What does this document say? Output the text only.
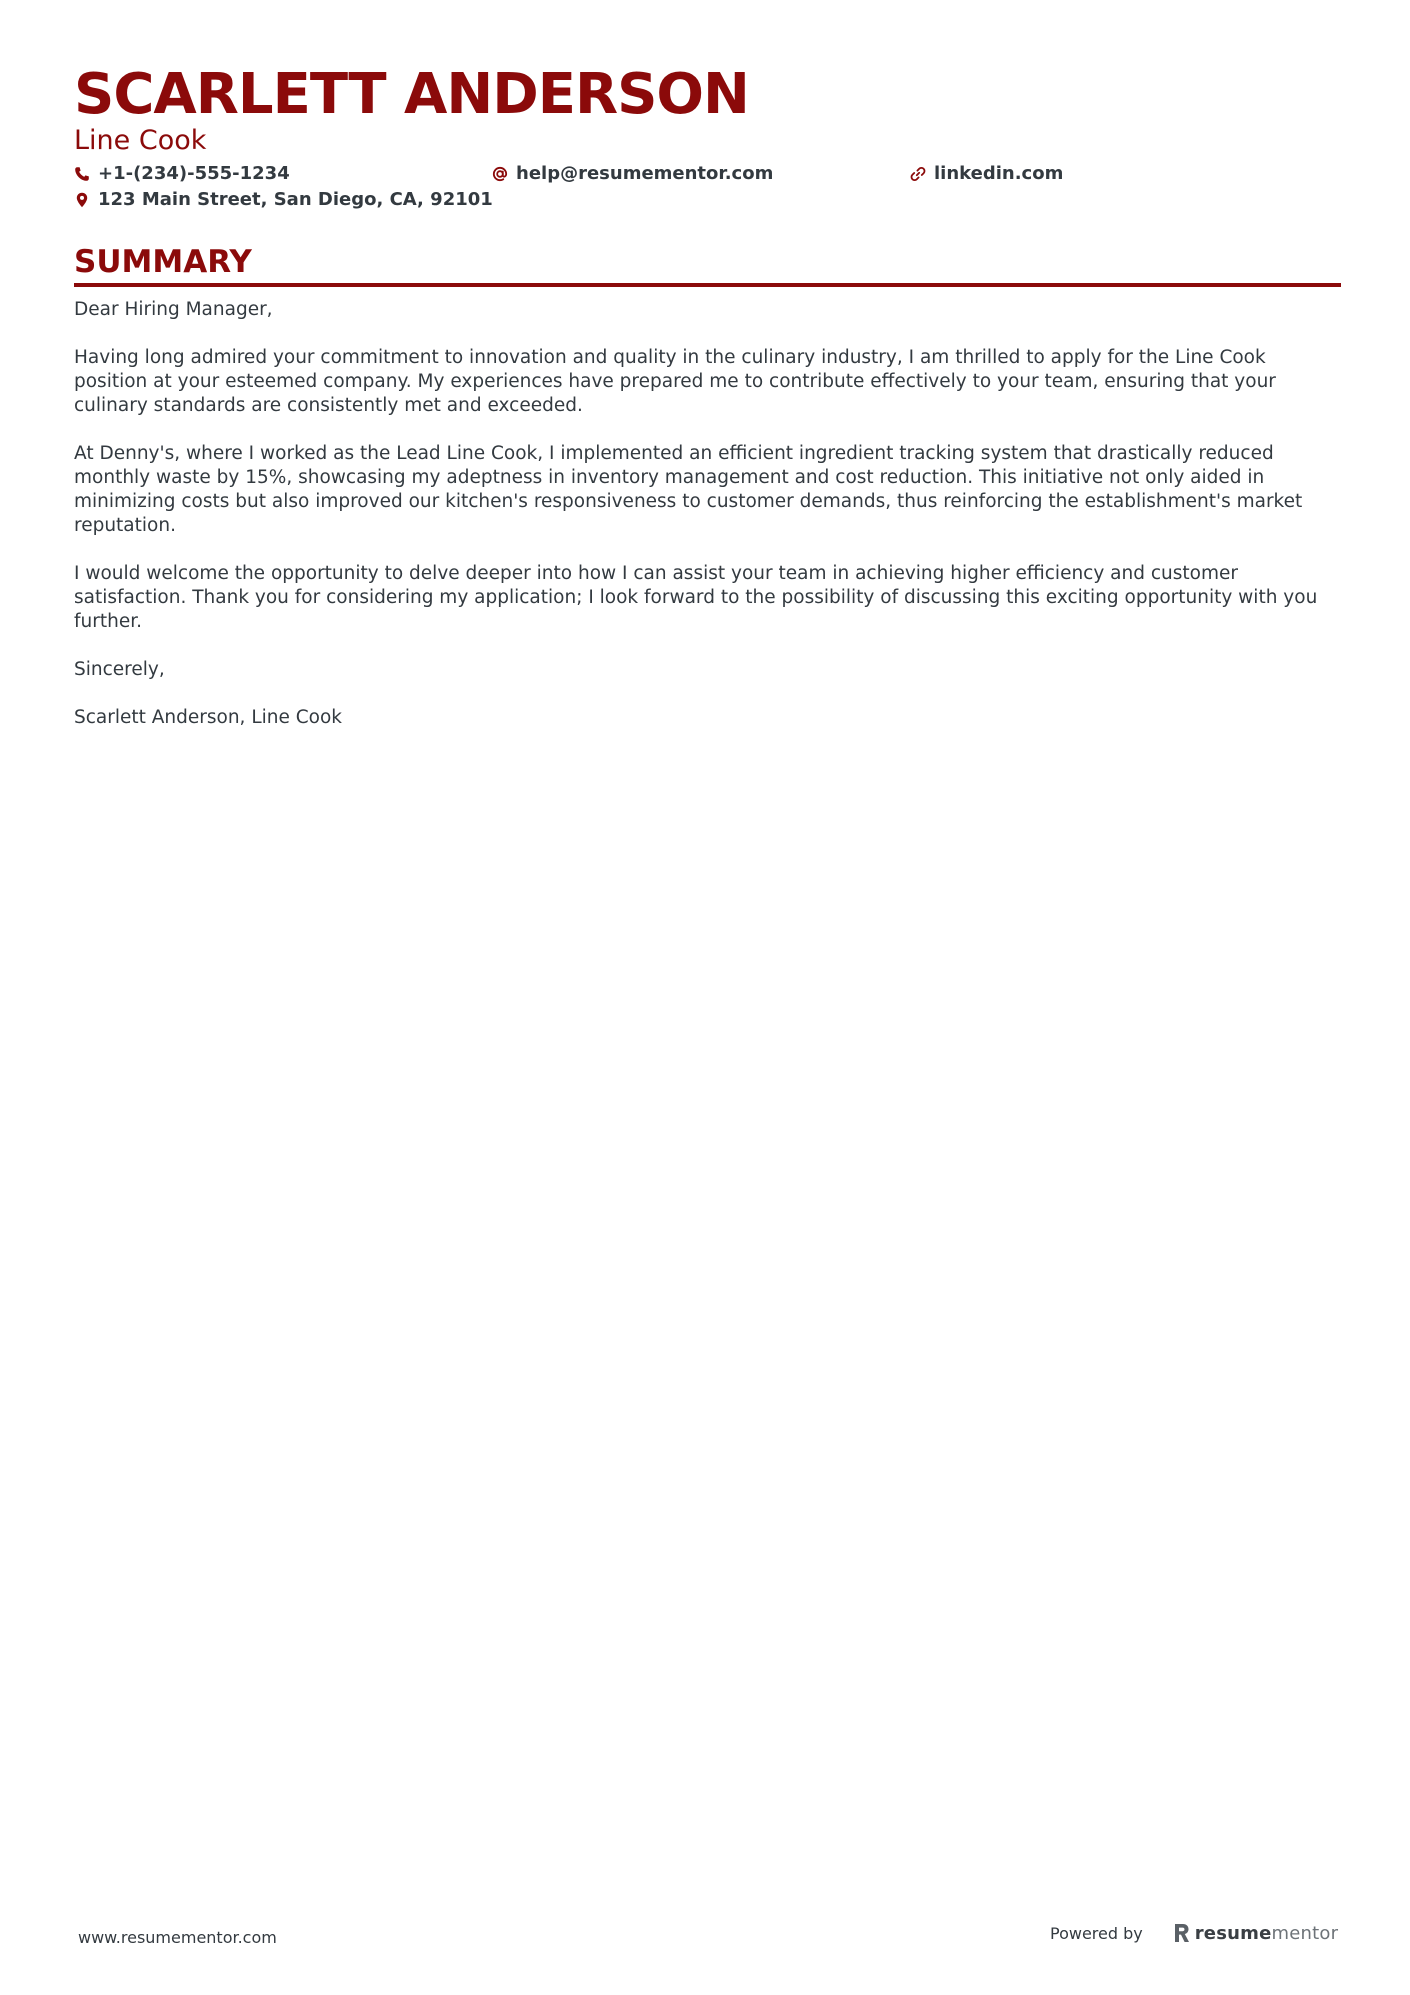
SCARLETT ANDERSON
Line Cook
+1-(234)-555-1234	help@resumementor.com	linkedin.com
123 Main Street, San Diego, CA, 92101
SUMMARY

Dear Hiring Manager,

Having long admired your commitment to innovation and quality in the culinary industry, I am thrilled to apply for the Line Cook position at your esteemed company. My experiences have prepared me to contribute effectively to your team, ensuring that your culinary standards are consistently met and exceeded.

At Denny's, where I worked as the Lead Line Cook, I implemented an efficient ingredient tracking system that drastically reduced monthly waste by 15%, showcasing my adeptness in inventory management and cost reduction. This initiative not only aided in minimizing costs but also improved our kitchen's responsiveness to customer demands, thus reinforcing the establishment's market reputation.

I would welcome the opportunity to delve deeper into how I can assist your team in achieving higher efficiency and customer satisfaction. Thank you for considering my application; I look forward to the possibility of discussing this exciting opportunity with you further.

Sincerely,

Scarlett Anderson, Line Cook

www.resumementor.com	Powered by	resumementor
